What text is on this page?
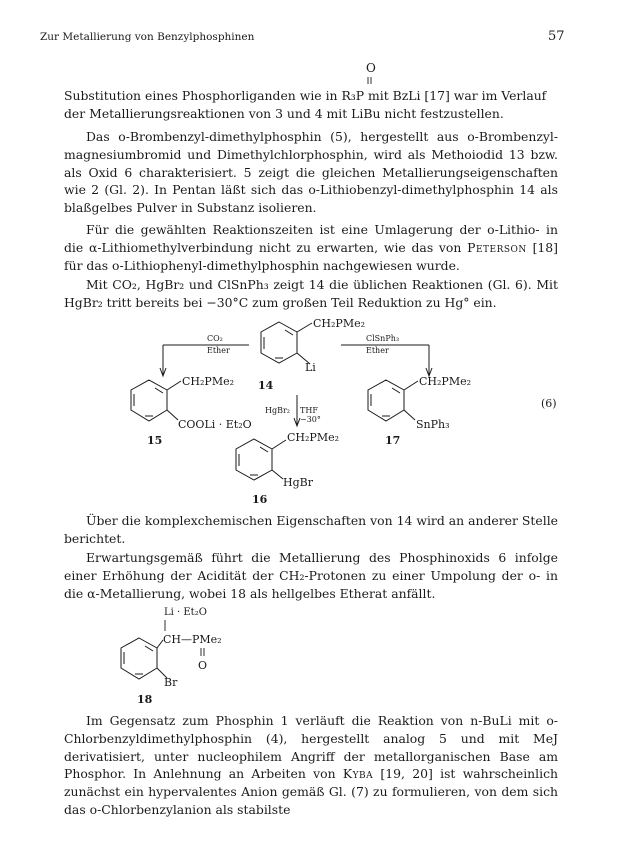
Zur Metallierung von Benzylphosphinen	57
O

Substitution eines Phosphorliganden wie in R₃P mit BzLi [17] war im Verlauf

der Metallierungsreaktionen von 3 und 4 mit LiBu nicht festzustellen.

Das o-Brombenzyl-dimethylphosphin (5), hergestellt aus o-Brombenzylmagnesiumbromid und Dimethylchlorphosphin, wird als Methoiodid 13 bzw. als Oxid 6 charakterisiert. 5 zeigt die gleichen Metallierungseigenschaften wie 2 (Gl. 2). In Pentan läßt sich das o-Lithiobenzyl-dimethylphosphin 14 als blaßgelbes Pulver in Substanz isolieren.

Für die gewählten Reaktionszeiten ist eine Umlagerung der o-Lithio- in die α-Lithiomethylverbindung nicht zu erwarten, wie das von Peterson [18] für das o-Lithiophenyl-dimethylphosphin nachgewiesen wurde.

Mit CO₂, HgBr₂ und ClSnPh₃ zeigt 14 die üblichen Reaktionen (Gl. 6). Mit HgBr₂ tritt bereits bei −30°C zum großen Teil Reduktion zu Hg° ein.

CH₂PMe₂
Li
14
CO₂
Ether
ClSnPh₃
Ether
HgBr₂ THF
−30°
CH₂PMe₂
COOLi · Et₂O
15
CH₂PMe₂
SnPh₃
17
CH₂PMe₂
HgBr
16
(6)

Über die komplexchemischen Eigenschaften von 14 wird an anderer Stelle berichtet.

Erwartungsgemäß führt die Metallierung des Phosphinoxids 6 infolge einer Erhöhung der Acidität der CH₂-Protonen zu einer Umpolung der o- in die α-Metallierung, wobei 18 als hellgelbes Etherat anfällt.

Li · Et₂O
CH—PMe₂
O
Br
18

Im Gegensatz zum Phosphin 1 verläuft die Reaktion von n-BuLi mit o-Chlorbenzyldimethylphosphin (4), hergestellt analog 5 und mit MeJ derivatisiert, unter nucleophilem Angriff der metallorganischen Base am Phosphor. In Anlehnung an Arbeiten von Kyba [19, 20] ist wahrscheinlich zunächst ein hypervalentes Anion gemäß Gl. (7) zu formulieren, von dem sich das o-Chlorbenzylanion als stabilste
